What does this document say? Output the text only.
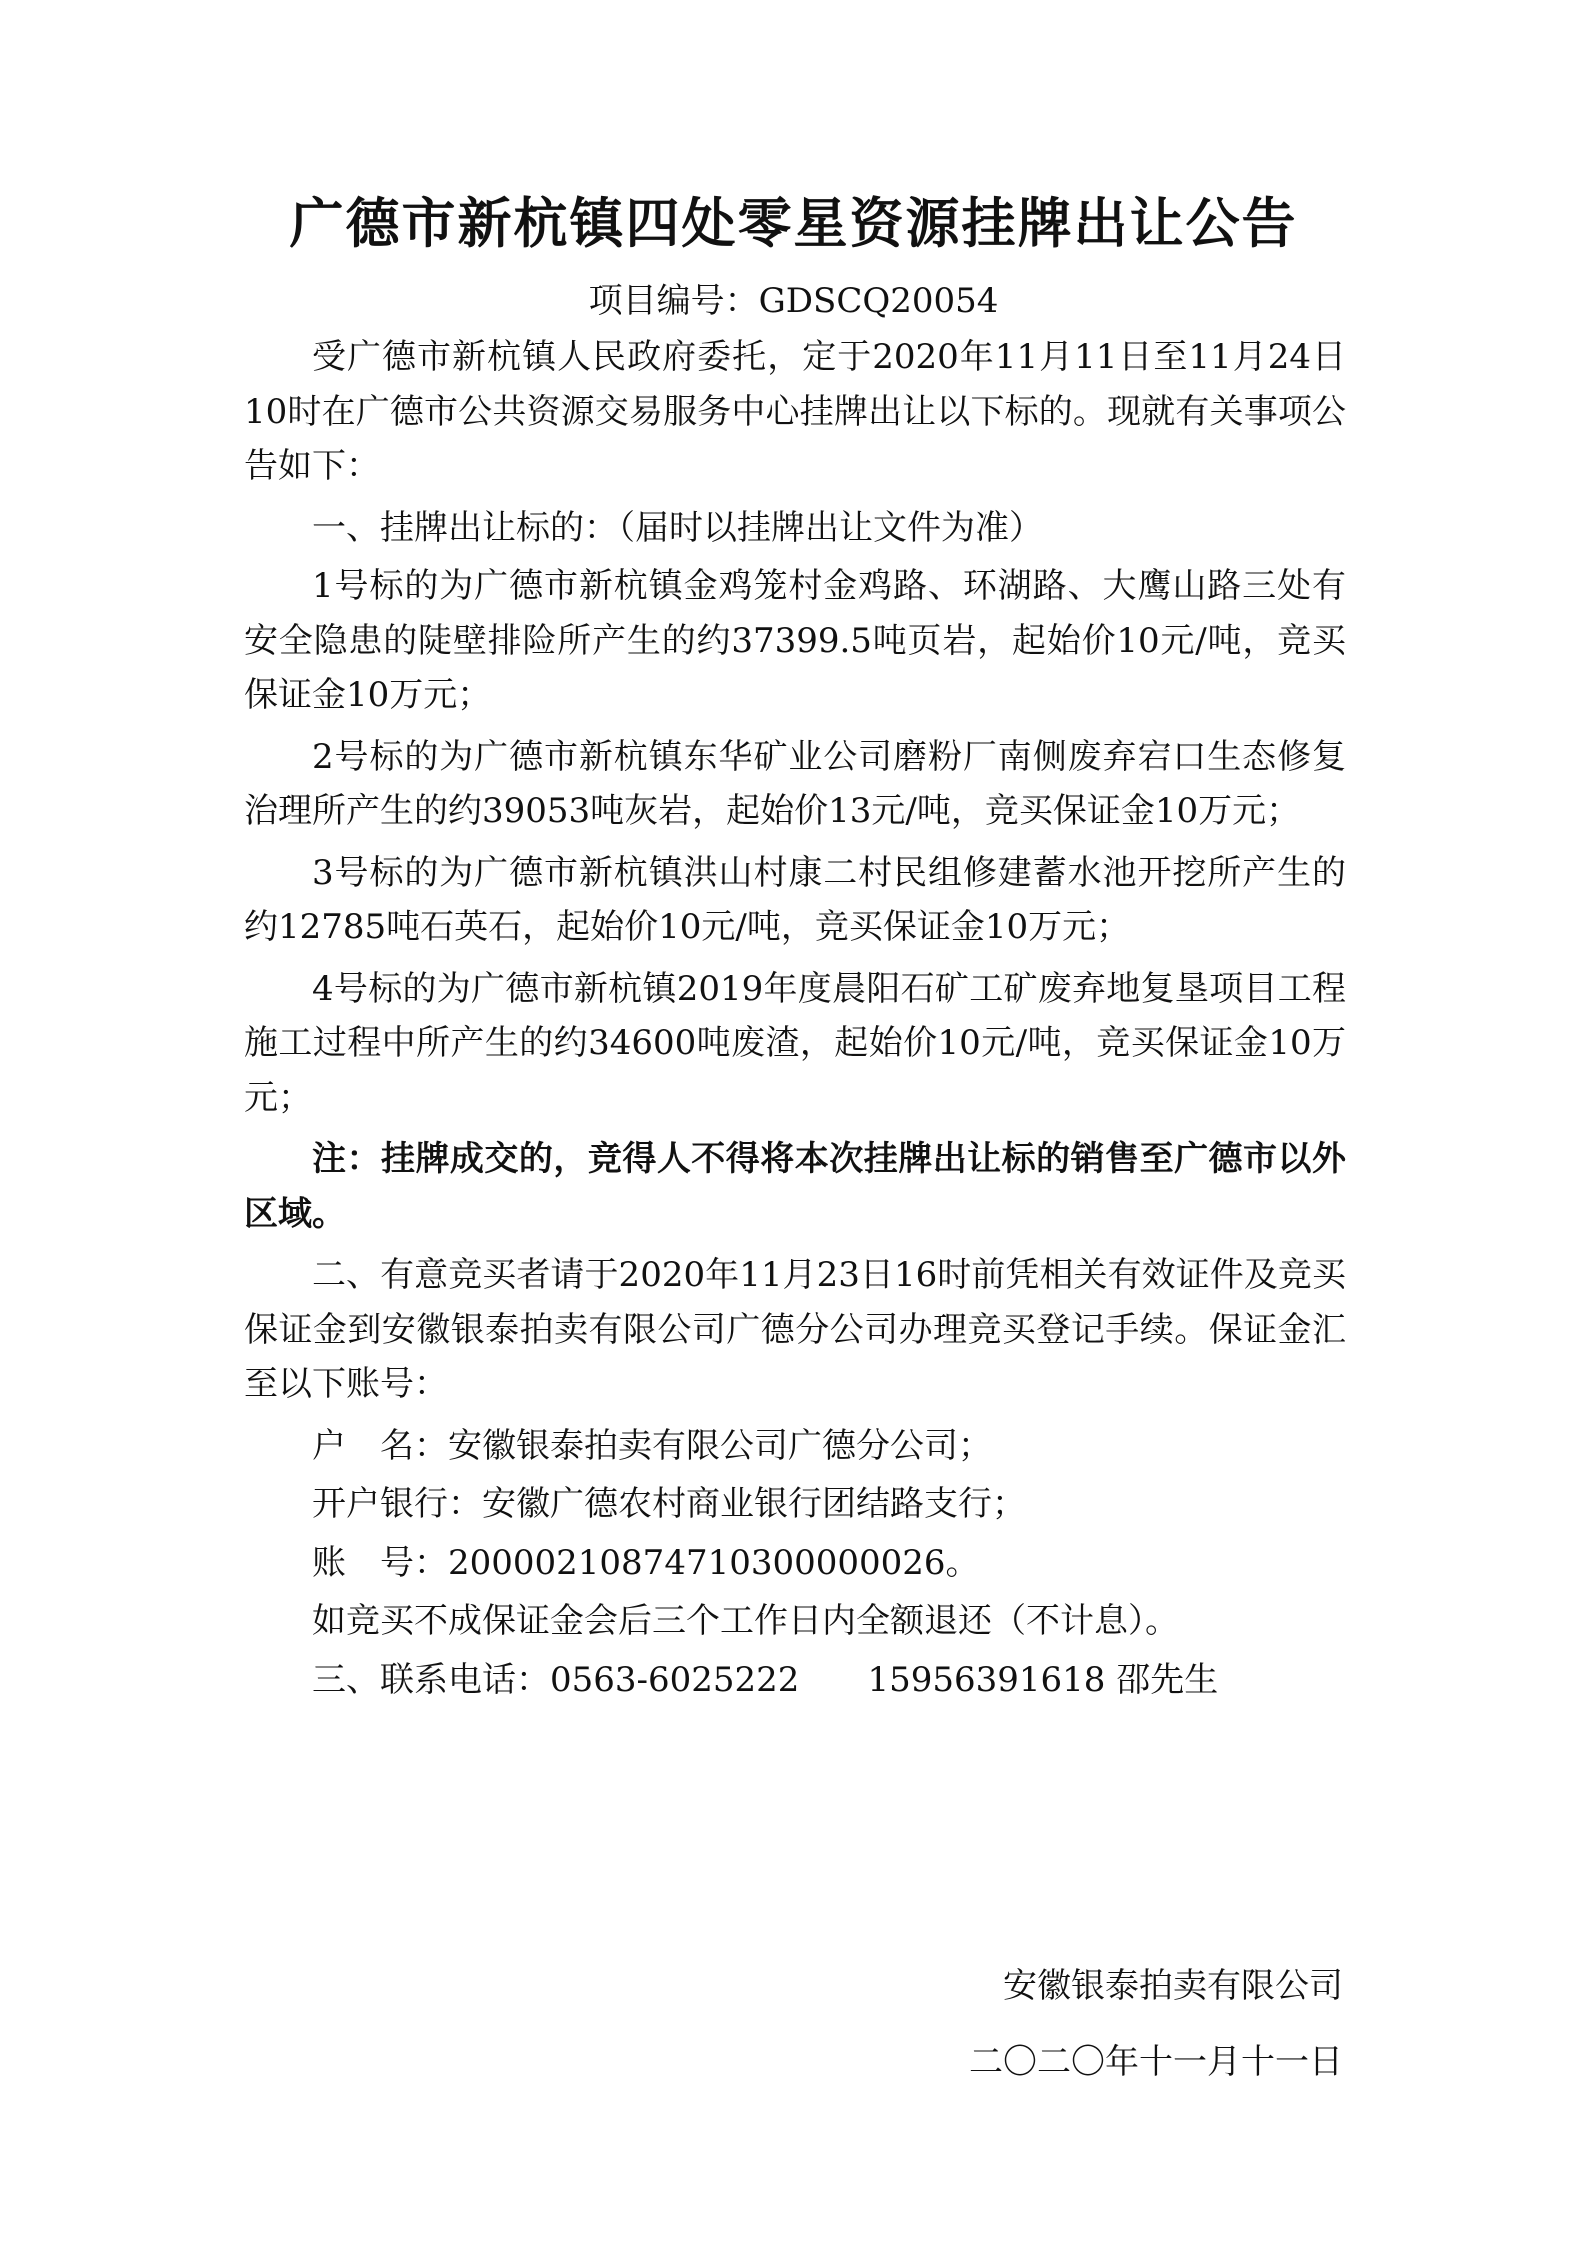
广德市新杭镇四处零星资源挂牌出让公告
项目编号：GDSCQ20054

受广德市新杭镇人民政府委托，定于2020年11月11日至11月24日10时在广德市公共资源交易服务中心挂牌出让以下标的。现就有关事项公告如下：

一、挂牌出让标的：（届时以挂牌出让文件为准）

1号标的为广德市新杭镇金鸡笼村金鸡路、环湖路、大鹰山路三处有安全隐患的陡壁排险所产生的约37399.5吨页岩，起始价10元/吨，竞买保证金10万元；

2号标的为广德市新杭镇东华矿业公司磨粉厂南侧废弃宕口生态修复治理所产生的约39053吨灰岩，起始价13元/吨，竞买保证金10万元；

3号标的为广德市新杭镇洪山村康二村民组修建蓄水池开挖所产生的约12785吨石英石，起始价10元/吨，竞买保证金10万元；

4号标的为广德市新杭镇2019年度晨阳石矿工矿废弃地复垦项目工程施工过程中所产生的约34600吨废渣，起始价10元/吨，竞买保证金10万元；

注：挂牌成交的，竞得人不得将本次挂牌出让标的销售至广德市以外区域。

二、有意竞买者请于2020年11月23日16时前凭相关有效证件及竞买保证金到安徽银泰拍卖有限公司广德分公司办理竞买登记手续。保证金汇至以下账号：

户　名：安徽银泰拍卖有限公司广德分公司；

开户银行：安徽广德农村商业银行团结路支行；

账　号：20000210874710300000026。

如竞买不成保证金会后三个工作日内全额退还（不计息）。

三、联系电话：0563-6025222　　15956391618 邵先生

安徽银泰拍卖有限公司
二〇二〇年十一月十一日
